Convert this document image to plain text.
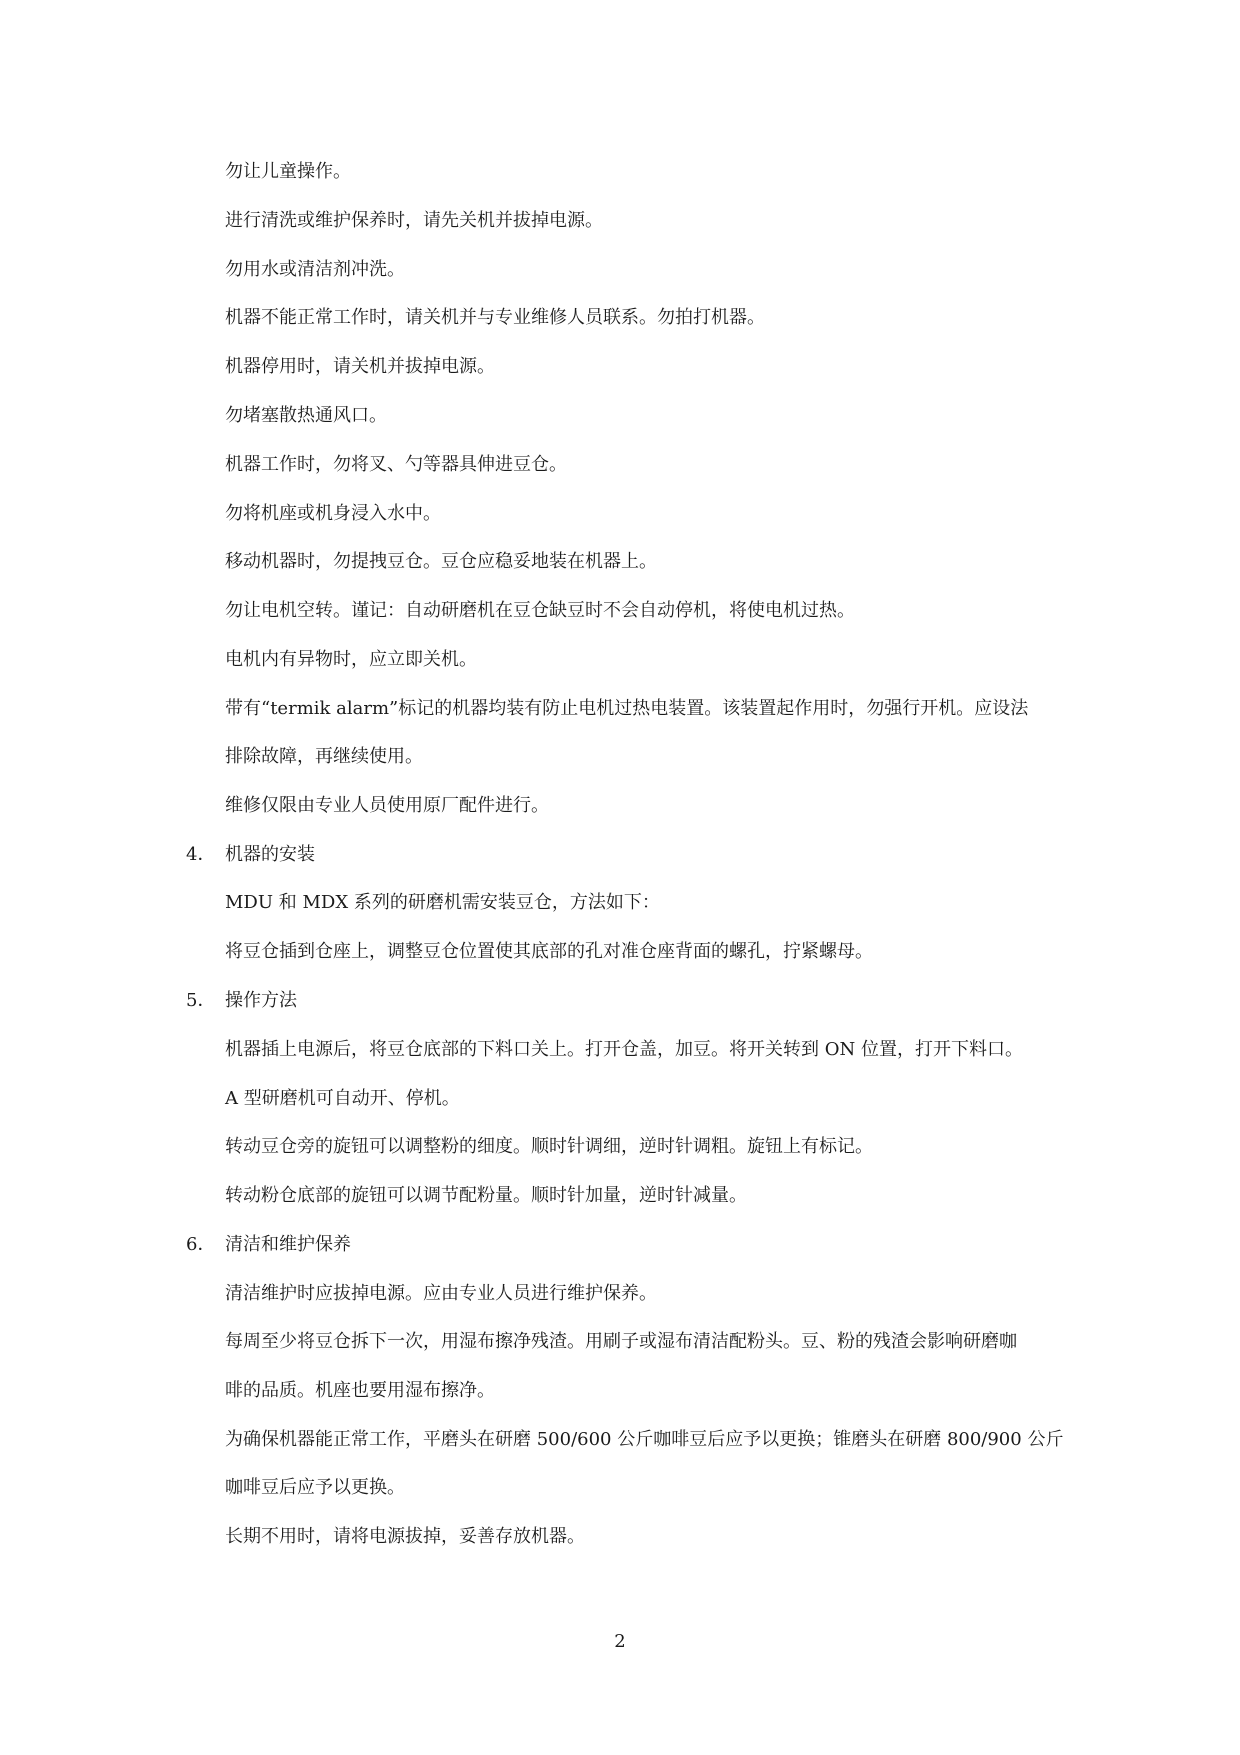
勿让儿童操作。
进行清洗或维护保养时，请先关机并拔掉电源。
勿用水或清洁剂冲洗。
机器不能正常工作时，请关机并与专业维修人员联系。勿拍打机器。
机器停用时，请关机并拔掉电源。
勿堵塞散热通风口。
机器工作时，勿将叉、勺等器具伸进豆仓。
勿将机座或机身浸入水中。
移动机器时，勿提拽豆仓。豆仓应稳妥地装在机器上。
勿让电机空转。谨记：自动研磨机在豆仓缺豆时不会自动停机，将使电机过热。
电机内有异物时，应立即关机。
带有“termik alarm”标记的机器均装有防止电机过热电装置。该装置起作用时，勿强行开机。应设法
排除故障，再继续使用。
维修仅限由专业人员使用原厂配件进行。
4． 机器的安装
MDU 和 MDX 系列的研磨机需安装豆仓，方法如下：
将豆仓插到仓座上，调整豆仓位置使其底部的孔对准仓座背面的螺孔，拧紧螺母。
5． 操作方法
机器插上电源后，将豆仓底部的下料口关上。打开仓盖，加豆。将开关转到 ON 位置，打开下料口。
A 型研磨机可自动开、停机。
转动豆仓旁的旋钮可以调整粉的细度。顺时针调细，逆时针调粗。旋钮上有标记。
转动粉仓底部的旋钮可以调节配粉量。顺时针加量，逆时针减量。
6． 清洁和维护保养
清洁维护时应拔掉电源。应由专业人员进行维护保养。
每周至少将豆仓拆下一次，用湿布擦净残渣。用刷子或湿布清洁配粉头。豆、粉的残渣会影响研磨咖
啡的品质。机座也要用湿布擦净。
为确保机器能正常工作，平磨头在研磨 500/600 公斤咖啡豆后应予以更换；锥磨头在研磨 800/900 公斤
咖啡豆后应予以更换。
长期不用时，请将电源拔掉，妥善存放机器。
2
